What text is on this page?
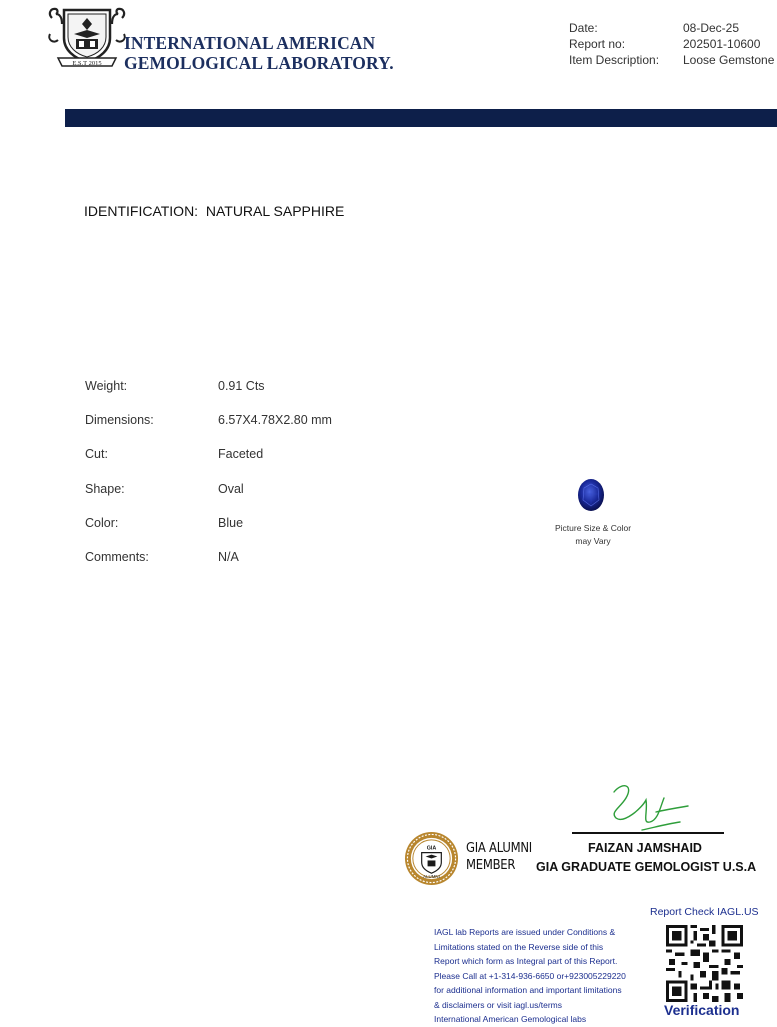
E.S.T 2015
INTERNATIONAL AMERICAN
GEMOLOGICAL LABORATORY.
Date:	08-Dec-25
Report no:	202501-10600
Item Description:	Loose Gemstone
IDENTIFICATION: NATURAL SAPPHIRE
Weight:	0.91 Cts
Dimensions:	6.57X4.78X2.80 mm
Cut:	Faceted
Shape:	Oval
Color:	Blue
Comments:	N/A
Picture Size & Color
may Vary
FAIZAN JAMSHAID
GIA GRADUATE GEMOLOGIST U.S.A
GIA
ALUMNI
GIA ALUMNI
MEMBER
IAGL lab Reports are issued under Conditions &
Limitations stated on the Reverse side of this
Report which form as Integral part of this Report.
Please Call at +1-314-936-6650 or+923005229220
for additional information and important limitations
& disclaimers or visit iagl.us/terms
International American Gemological labs
Report Check IAGL.US
Verification
